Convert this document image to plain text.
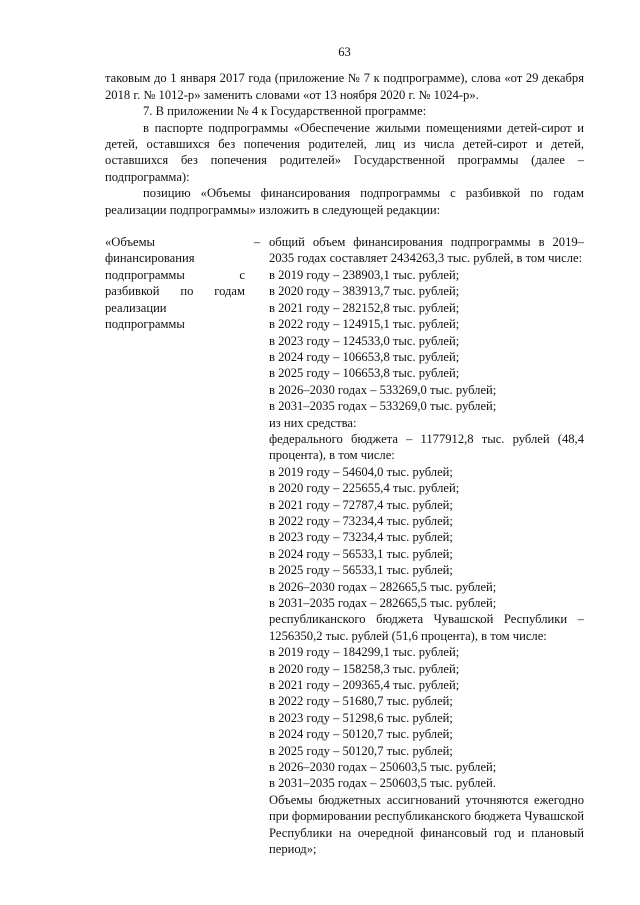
63

таковым до 1 января 2017 года (приложение № 7 к подпрограмме), слова «от 29 декабря 2018 г. № 1012-р» заменить словами «от 13 ноября 2020 г. № 1024-р».

7. В приложении № 4 к Государственной программе:

в паспорте подпрограммы «Обеспечение жилыми помещениями детей-сирот и детей, оставшихся без попечения родителей, лиц из числа детей-сирот и детей, оставшихся без попечения родителей» Государственной программы (далее – подпрограмма):

позицию «Объемы финансирования подпрограммы с разбивкой по годам реализации подпрограммы» изложить в следующей редакции:

«Объемы финансирования подпрограммы с разбивкой по годам реализации подпрограммы

– общий объем финансирования подпрограммы в 2019–2035 годах составляет 2434263,3 тыс. рублей, в том числе:

в 2019 году – 238903,1 тыс. рублей;
в 2020 году – 383913,7 тыс. рублей;
в 2021 году – 282152,8 тыс. рублей;
в 2022 году – 124915,1 тыс. рублей;
в 2023 году – 124533,0 тыс. рублей;
в 2024 году – 106653,8 тыс. рублей;
в 2025 году – 106653,8 тыс. рублей;
в 2026–2030 годах – 533269,0 тыс. рублей;
в 2031–2035 годах – 533269,0 тыс. рублей;
из них средства:

федерального бюджета – 1177912,8 тыс. рублей (48,4 процента), в том числе:

в 2019 году – 54604,0 тыс. рублей;
в 2020 году – 225655,4 тыс. рублей;
в 2021 году – 72787,4 тыс. рублей;
в 2022 году – 73234,4 тыс. рублей;
в 2023 году – 73234,4 тыс. рублей;
в 2024 году – 56533,1 тыс. рублей;
в 2025 году – 56533,1 тыс. рублей;
в 2026–2030 годах – 282665,5 тыс. рублей;
в 2031–2035 годах – 282665,5 тыс. рублей;

республиканского бюджета Чувашской Республики – 1256350,2 тыс. рублей (51,6 процента), в том числе:

в 2019 году – 184299,1 тыс. рублей;
в 2020 году – 158258,3 тыс. рублей;
в 2021 году – 209365,4 тыс. рублей;
в 2022 году – 51680,7 тыс. рублей;
в 2023 году – 51298,6 тыс. рублей;
в 2024 году – 50120,7 тыс. рублей;
в 2025 году – 50120,7 тыс. рублей;
в 2026–2030 годах – 250603,5 тыс. рублей;
в 2031–2035 годах – 250603,5 тыс. рублей.

Объемы бюджетных ассигнований уточняются ежегодно при формировании республиканского бюджета Чувашской Республики на очередной финансовый год и плановый период»;
